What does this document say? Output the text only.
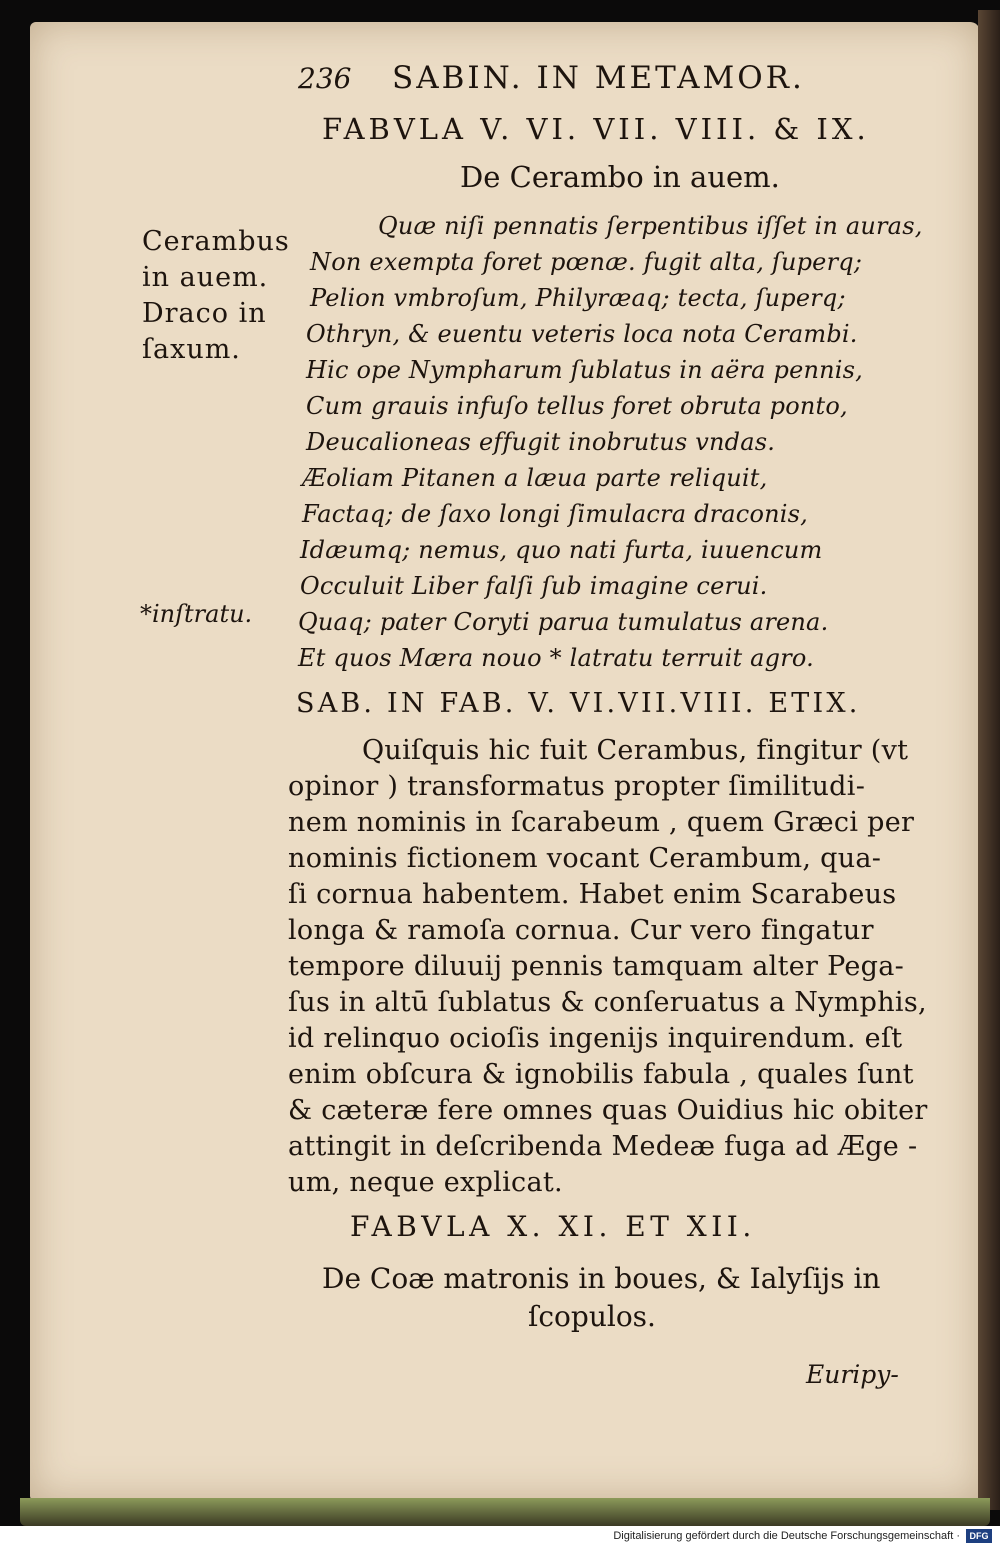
236 SABIN. IN METAMOR.
FABVLA V. VI. VII. VIII. & IX.
De Cerambo in auem.
Cerambus
in auem.
Draco in
ſaxum.
Quæ niſi pennatis ſerpentibus iſſet in auras,
Non exempta foret pœnæ. fugit alta, ſuperq;
Pelion vmbroſum, Philyræaq; tecta, ſuperq;
Othryn, & euentu veteris loca nota Cerambi.
Hic ope Nympharum ſublatus in aëra pennis,
Cum grauis infuſo tellus foret obruta ponto,
Deucalioneas effugit inobrutus vndas.
Æoliam Pitanen a læua parte reliquit,
Factaq; de ſaxo longi ſimulacra draconis,
Idæumq; nemus, quo nati furta, iuuencum
Occuluit Liber falſi ſub imagine cerui.
Quaq; pater Coryti parua tumulatus arena.
Et quos Mæra nouo * latratu terruit agro.
*inſtratu.
SAB. IN FAB. V. VI.VII.VIII. ETIX.
Quiſquis hic fuit Cerambus, fingitur (vt
opinor ) transformatus propter ſimilitudi-
nem nominis in ſcarabeum , quem Græci per
nominis fictionem vocant Cerambum, qua-
ſi cornua habentem. Habet enim Scarabeus
longa & ramoſa cornua. Cur vero fingatur
tempore diluuij pennis tamquam alter Pega-
ſus in altū ſublatus & conſeruatus a Nymphis,
id relinquo ocioſis ingenijs inquirendum. eſt
enim obſcura & ignobilis fabula , quales ſunt
& cæteræ fere omnes quas Ouidius hic obiter
attingit in deſcribenda Medeæ fuga ad Æge -
um, neque explicat.
FABVLA X. XI. ET XII.
De Coæ matronis in boues, & Ialyſijs in
ſcopulos.
Euripy-
Digitalisierung gefördert durch die Deutsche Forschungsgemeinschaft ·	DFG
